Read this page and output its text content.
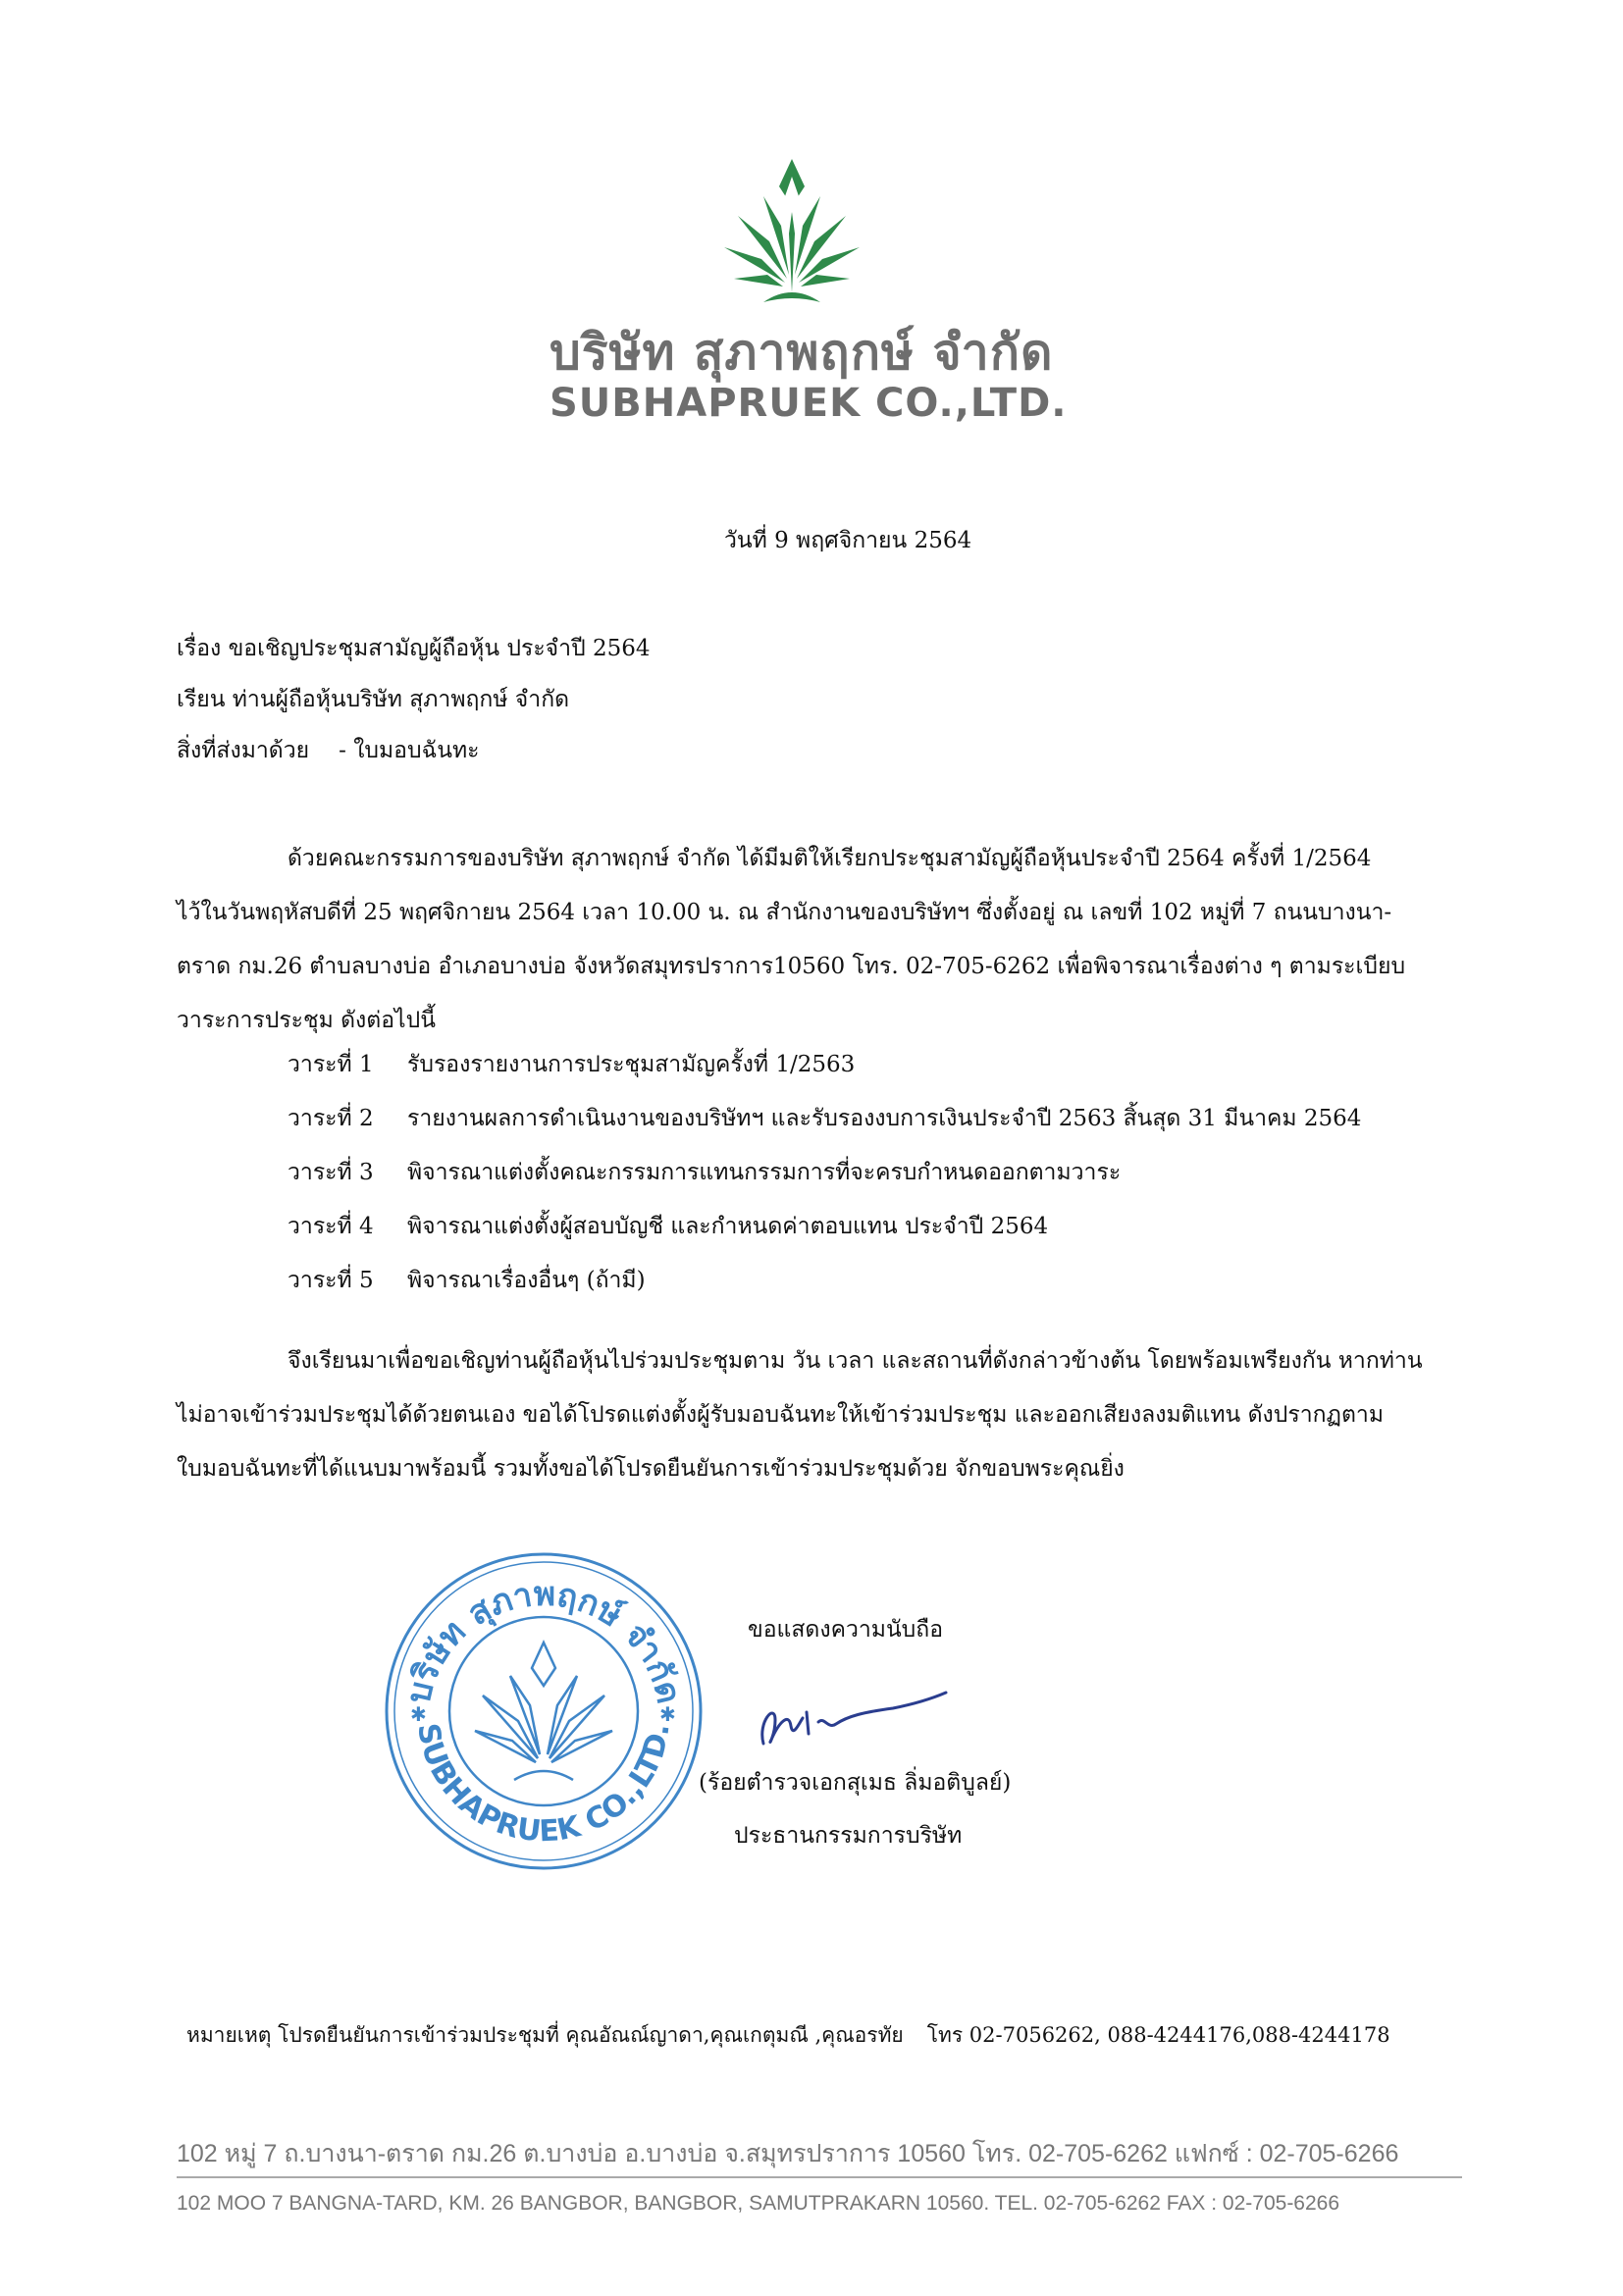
บริษัท สุภาพฤกษ์ จำกัด
SUBHAPRUEK CO.,LTD.
วันที่ 9 พฤศจิกายน 2564
เรื่อง ขอเชิญประชุมสามัญผู้ถือหุ้น ประจำปี 2564
เรียน ท่านผู้ถือหุ้นบริษัท สุภาพฤกษ์ จำกัด
สิ่งที่ส่งมาด้วย - ใบมอบฉันทะ

ด้วยคณะกรรมการของบริษัท สุภาพฤกษ์ จำกัด ได้มีมติให้เรียกประชุมสามัญผู้ถือหุ้นประจำปี 2564 ครั้งที่ 1/2564

ไว้ในวันพฤหัสบดีที่ 25 พฤศจิกายน 2564 เวลา 10.00 น. ณ สำนักงานของบริษัทฯ ซึ่งตั้งอยู่ ณ เลขที่ 102 หมู่ที่ 7 ถนนบางนา-

ตราด กม.26 ตำบลบางบ่อ อำเภอบางบ่อ จังหวัดสมุทรปราการ10560 โทร. 02-705-6262 เพื่อพิจารณาเรื่องต่าง ๆ ตามระเบียบ

วาระการประชุม ดังต่อไปนี้

วาระที่ 1 รับรองรายงานการประชุมสามัญครั้งที่ 1/2563
วาระที่ 2 รายงานผลการดำเนินงานของบริษัทฯ และรับรองงบการเงินประจำปี 2563 สิ้นสุด 31 มีนาคม 2564
วาระที่ 3 พิจารณาแต่งตั้งคณะกรรมการแทนกรรมการที่จะครบกำหนดออกตามวาระ
วาระที่ 4 พิจารณาแต่งตั้งผู้สอบบัญชี และกำหนดค่าตอบแทน ประจำปี 2564
วาระที่ 5 พิจารณาเรื่องอื่นๆ (ถ้ามี)

จึงเรียนมาเพื่อขอเชิญท่านผู้ถือหุ้นไปร่วมประชุมตาม วัน เวลา และสถานที่ดังกล่าวข้างต้น โดยพร้อมเพรียงกัน หากท่าน

ไม่อาจเข้าร่วมประชุมได้ด้วยตนเอง ขอได้โปรดแต่งตั้งผู้รับมอบฉันทะให้เข้าร่วมประชุม และออกเสียงลงมติแทน ดังปรากฏตาม

ใบมอบฉันทะที่ได้แนบมาพร้อมนี้ รวมทั้งขอได้โปรดยืนยันการเข้าร่วมประชุมด้วย จักขอบพระคุณยิ่ง

บริษัท สุภาพฤกษ์ จำกัด
SUBHAPRUEK CO.,LTD.
✱	✱
ขอแสดงความนับถือ
(ร้อยตำรวจเอกสุเมธ ลิ่มอติบูลย์)
ประธานกรรมการบริษัท
หมายเหตุ โปรดยืนยันการเข้าร่วมประชุมที่ คุณอัณณ์ญาดา,คุณเกตุมณี ,คุณอรทัย โทร 02-7056262, 088-4244176,088-4244178
102 หมู่ 7 ถ.บางนา-ตราด กม.26 ต.บางบ่อ อ.บางบ่อ จ.สมุทรปราการ 10560 โทร. 02-705-6262 แฟกซ์ : 02-705-6266
102 MOO 7 BANGNA-TARD, KM. 26 BANGBOR, BANGBOR, SAMUTPRAKARN 10560. TEL. 02-705-6262 FAX : 02-705-6266
